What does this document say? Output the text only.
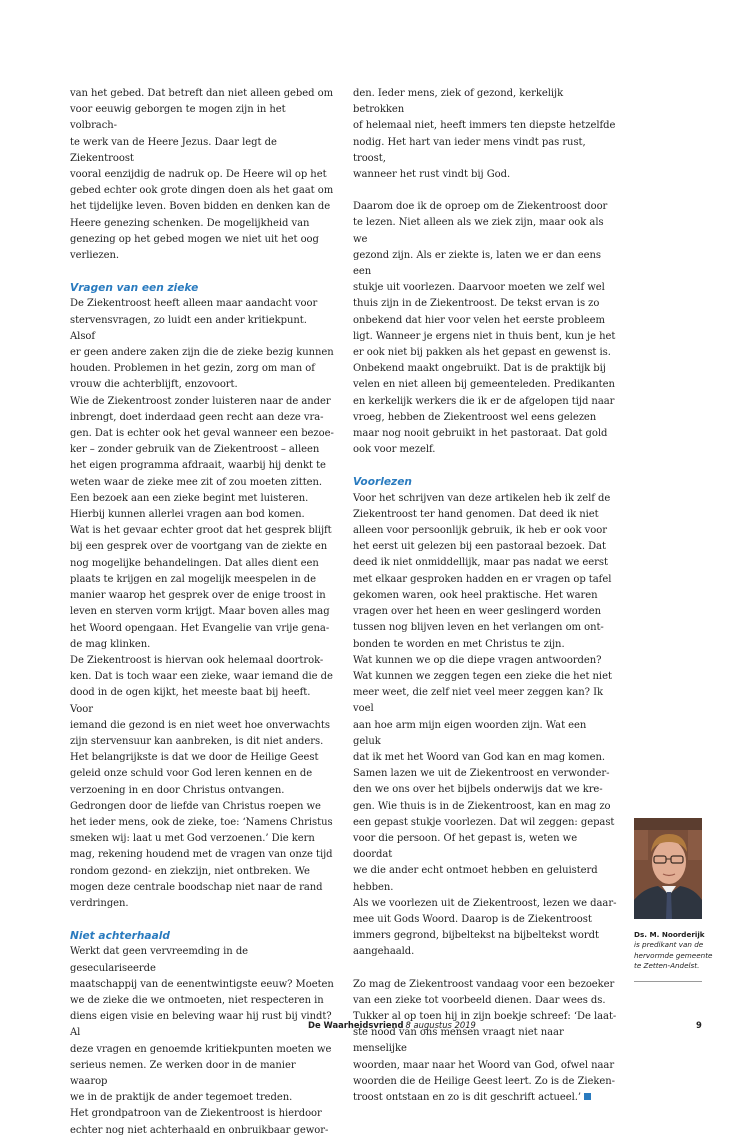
van het gebed. Dat betreft dan niet alleen gebed om
voor eeuwig geborgen te mogen zijn in het volbrach-
te werk van de Heere Jezus. Daar legt de Ziekentroost
vooral eenzijdig de nadruk op. De Heere wil op het
gebed echter ook grote dingen doen als het gaat om
het tijdelijke leven. Boven bidden en denken kan de
Heere genezing schenken. De mogelijkheid van
genezing op het gebed mogen we niet uit het oog
verliezen.

Vragen van een zieke

De Ziekentroost heeft alleen maar aandacht voor
stervensvragen, zo luidt een ander kritiekpunt. Alsof
er geen andere zaken zijn die de zieke bezig kunnen
houden. Problemen in het gezin, zorg om man of
vrouw die achterblijft, enzovoort.
Wie de Ziekentroost zonder luisteren naar de ander
inbrengt, doet inderdaad geen recht aan deze vra-
gen. Dat is echter ook het geval wanneer een bezoe-
ker – zonder gebruik van de Ziekentroost – alleen
het eigen programma afdraait, waarbij hij denkt te
weten waar de zieke mee zit of zou moeten zitten.
Een bezoek aan een zieke begint met luisteren.
Hierbij kunnen allerlei vragen aan bod komen.
Wat is het gevaar echter groot dat het gesprek blijft
bij een gesprek over de voortgang van de ziekte en
nog mogelijke behandelingen. Dat alles dient een
plaats te krijgen en zal mogelijk meespelen in de
manier waarop het gesprek over de enige troost in
leven en sterven vorm krijgt. Maar boven alles mag
het Woord opengaan. Het Evangelie van vrije gena-
de mag klinken.
De Ziekentroost is hiervan ook helemaal doortrok-
ken. Dat is toch waar een zieke, waar iemand die de
dood in de ogen kijkt, het meeste baat bij heeft. Voor
iemand die gezond is en niet weet hoe onverwachts
zijn stervensuur kan aanbreken, is dit niet anders.
Het belangrijkste is dat we door de Heilige Geest
geleid onze schuld voor God leren kennen en de
verzoening in en door Christus ontvangen.
Gedrongen door de liefde van Christus roepen we
het ieder mens, ook de zieke, toe: ‘Namens Christus
smeken wij: laat u met God verzoenen.’ Die kern
mag, rekening houdend met de vragen van onze tijd
rondom gezond- en ziekzijn, niet ontbreken. We
mogen deze centrale boodschap niet naar de rand
verdringen.

Niet achterhaald

Werkt dat geen vervreemding in de geseculariseerde
maatschappij van de eenentwintigste eeuw? Moeten
we de zieke die we ontmoeten, niet respecteren in
diens eigen visie en beleving waar hij rust bij vindt? Al
deze vragen en genoemde kritiekpunten moeten we
serieus nemen. Ze werken door in de manier waarop
we in de praktijk de ander tegemoet treden.
Het grondpatroon van de Ziekentroost is hierdoor
echter nog niet achterhaald en onbruikbaar gewor-

den. Ieder mens, ziek of gezond, kerkelijk betrokken
of helemaal niet, heeft immers ten diepste hetzelfde
nodig. Het hart van ieder mens vindt pas rust, troost,
wanneer het rust vindt bij God.

Daarom doe ik de oproep om de Ziekentroost door
te lezen. Niet alleen als we ziek zijn, maar ook als we
gezond zijn. Als er ziekte is, laten we er dan eens een
stukje uit voorlezen. Daarvoor moeten we zelf wel
thuis zijn in de Ziekentroost. De tekst ervan is zo
onbekend dat hier voor velen het eerste probleem
ligt. Wanneer je ergens niet in thuis bent, kun je het
er ook niet bij pakken als het gepast en gewenst is.
Onbekend maakt ongebruikt. Dat is de praktijk bij
velen en niet alleen bij gemeenteleden. Predikanten
en kerkelijk werkers die ik er de afgelopen tijd naar
vroeg, hebben de Ziekentroost wel eens gelezen
maar nog nooit gebruikt in het pastoraat. Dat gold
ook voor mezelf.

Voorlezen

Voor het schrijven van deze artikelen heb ik zelf de
Ziekentroost ter hand genomen. Dat deed ik niet
alleen voor persoonlijk gebruik, ik heb er ook voor
het eerst uit gelezen bij een pastoraal bezoek. Dat
deed ik niet onmiddellijk, maar pas nadat we eerst
met elkaar gesproken hadden en er vragen op tafel
gekomen waren, ook heel praktische. Het waren
vragen over het heen en weer geslingerd worden
tussen nog blijven leven en het verlangen om ont-
bonden te worden en met Christus te zijn.
Wat kunnen we op die diepe vragen antwoorden?
Wat kunnen we zeggen tegen een zieke die het niet
meer weet, die zelf niet veel meer zeggen kan? Ik voel
aan hoe arm mijn eigen woorden zijn. Wat een geluk
dat ik met het Woord van God kan en mag komen.
Samen lazen we uit de Ziekentroost en verwonder-
den we ons over het bijbels onderwijs dat we kre-
gen. Wie thuis is in de Ziekentroost, kan en mag zo
een gepast stukje voorlezen. Dat wil zeggen: gepast
voor die persoon. Of het gepast is, weten we doordat
we die ander echt ontmoet hebben en geluisterd
hebben.
Als we voorlezen uit de Ziekentroost, lezen we daar-
mee uit Gods Woord. Daarop is de Ziekentroost
immers gegrond, bijbeltekst na bijbeltekst wordt
aangehaald.

Zo mag de Ziekentroost vandaag voor een bezoeker
van een zieke tot voorbeeld dienen. Daar wees ds.
Tukker al op toen hij in zijn boekje schreef: ‘De laat-
ste nood van ons mensen vraagt niet naar menselijke
woorden, maar naar het Woord van God, ofwel naar
woorden die de Heilige Geest leert. Zo is de Zieken-
troost ontstaan en zo is dit geschrift actueel.’

Ds. M. Noorderijk
is predikant van de
hervormde gemeente
te Zetten-Andelst.
De Waarheidsvriend 8 augustus 2019	9
